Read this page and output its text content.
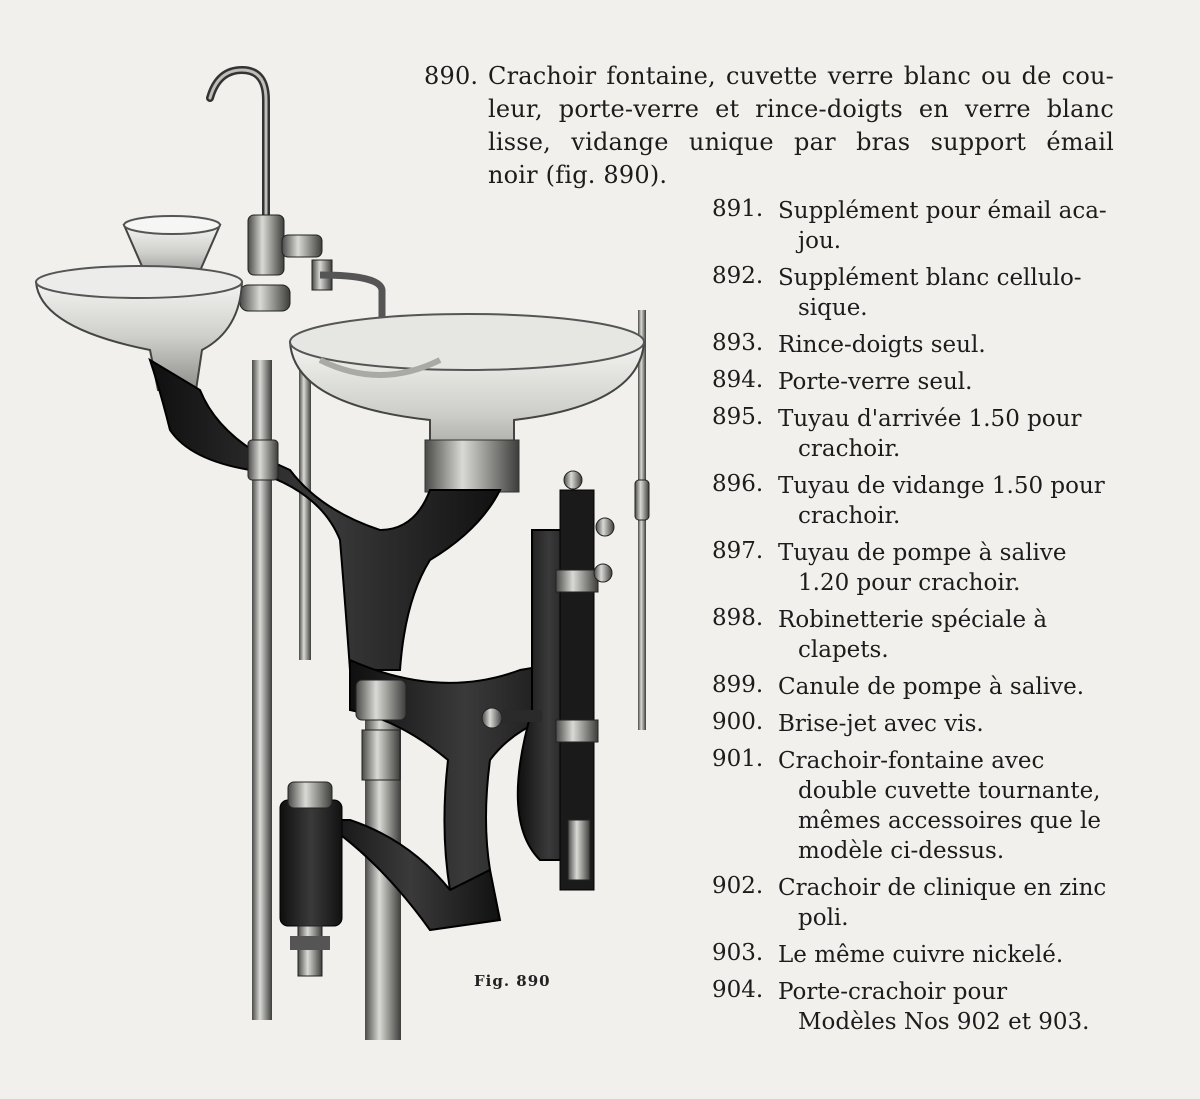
Fig. 890
890. Crachoir fontaine, cuvette verre blanc ou de cou-
leur, porte-verre et rince-doigts en verre blanc
lisse, vidange unique par bras support émail
noir (fig. 890).
891. Supplément pour émail aca-
jou.
892. Supplément blanc cellulo-
sique.
893. Rince-doigts seul.
894. Porte-verre seul.
895. Tuyau d'arrivée 1.50 pour
crachoir.
896. Tuyau de vidange 1.50 pour
crachoir.
897. Tuyau de pompe à salive
1.20 pour crachoir.
898. Robinetterie spéciale à
clapets.
899. Canule de pompe à salive.
900. Brise-jet avec vis.
901. Crachoir-fontaine avec
double cuvette tournante,
mêmes accessoires que le
modèle ci-dessus.
902. Crachoir de clinique en zinc
poli.
903. Le même cuivre nickelé.
904. Porte-crachoir pour
Modèles Nos 902 et 903.
